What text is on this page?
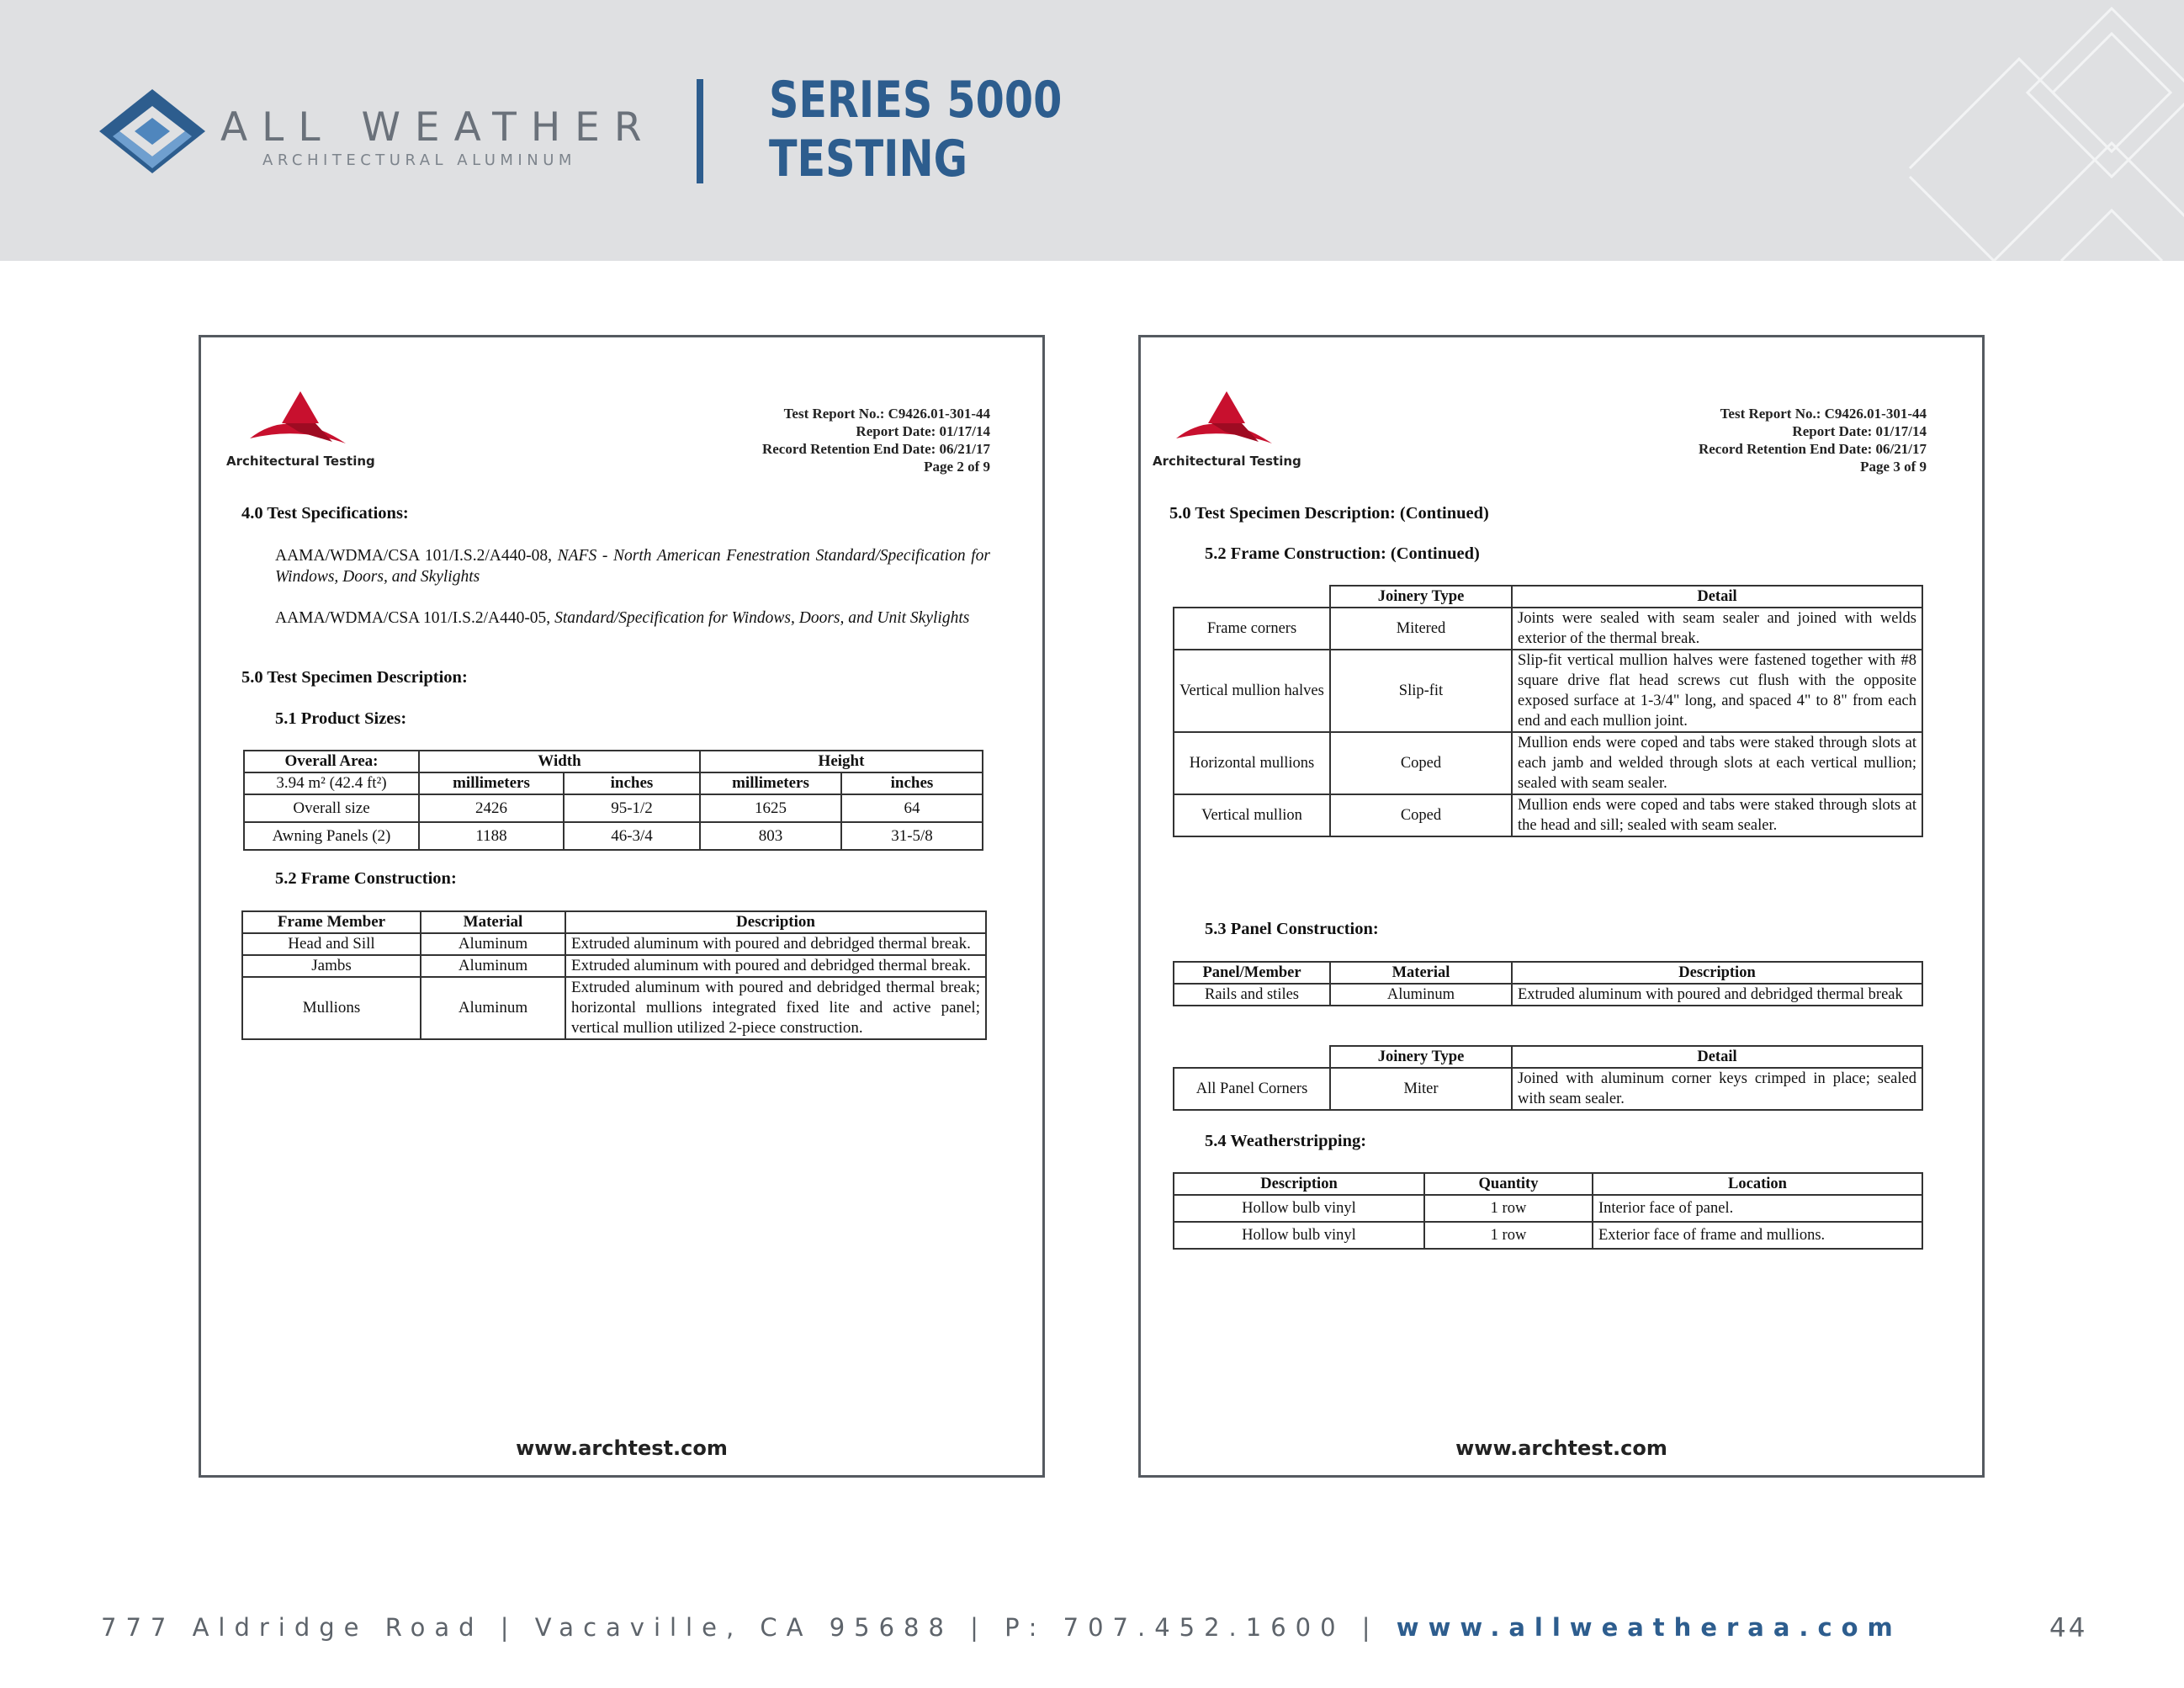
ALL WEATHER
ARCHITECTURAL ALUMINUM
SERIES 5000
TESTING
Architectural Testing
Test Report No.: C9426.01-301-44
Report Date: 01/17/14
Record Retention End Date: 06/21/17
Page 2 of 9
4.0 Test Specifications:
AAMA/WDMA/CSA 101/I.S.2/A440-08, NAFS - North American Fenestration Standard/Specification for Windows, Doors, and Skylights
AAMA/WDMA/CSA 101/I.S.2/A440-05, Standard/Specification for Windows, Doors, and Unit Skylights
5.0 Test Specimen Description:
5.1 Product Sizes:
Overall Area:	Width		Height	
3.94 m² (42.4 ft²)	millimeters	inches	millimeters	inches
Overall size	2426	95-1/2	1625	64
Awning Panels (2)	1188	46-3/4	803	31-5/8
5.2 Frame Construction:
Frame Member	Material	Description
Head and Sill	Aluminum	Extruded aluminum with poured and debridged thermal break.
Jambs	Aluminum	Extruded aluminum with poured and debridged thermal break.
Mullions	Aluminum	Extruded aluminum with poured and debridged thermal break; horizontal mullions integrated fixed lite and active panel; vertical mullion utilized 2-piece construction.
www.archtest.com
Architectural Testing
Test Report No.: C9426.01-301-44
Report Date: 01/17/14
Record Retention End Date: 06/21/17
Page 3 of 9
5.0 Test Specimen Description: (Continued)
5.2 Frame Construction: (Continued)
	Joinery Type	Detail
Frame corners	Mitered	Joints were sealed with seam sealer and joined with welds exterior of the thermal break.
Vertical mullion halves	Slip-fit	Slip-fit vertical mullion halves were fastened together with #8 square drive flat head screws cut flush with the opposite exposed surface at 1-3/4" long, and spaced 4" to 8" from each end and each mullion joint.
Horizontal mullions	Coped	Mullion ends were coped and tabs were staked through slots at each jamb and welded through slots at each vertical mullion; sealed with seam sealer.
Vertical mullion	Coped	Mullion ends were coped and tabs were staked through slots at the head and sill; sealed with seam sealer.
5.3 Panel Construction:
Panel/Member	Material	Description
Rails and stiles	Aluminum	Extruded aluminum with poured and debridged thermal break
	Joinery Type	Detail
All Panel Corners	Miter	Joined with aluminum corner keys crimped in place; sealed with seam sealer.
5.4 Weatherstripping:
Description	Quantity	Location
Hollow bulb vinyl	1 row	Interior face of panel.
Hollow bulb vinyl	1 row	Exterior face of frame and mullions.
www.archtest.com
777 Aldridge Road | Vacaville, CA 95688 | P: 707.452.1600 | www.allweatheraa.com	44
